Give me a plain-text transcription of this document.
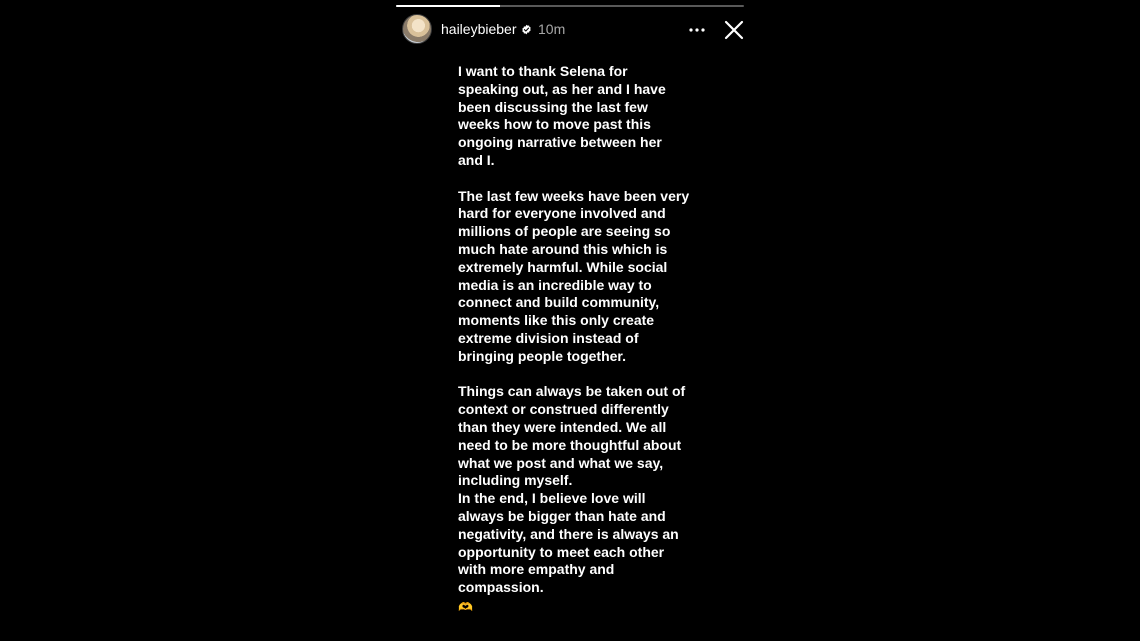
haileybieber 10m

I want to thank Selena for
speaking out, as her and I have
been discussing the last few
weeks how to move past this
ongoing narrative between her
and I.

The last few weeks have been very
hard for everyone involved and
millions of people are seeing so
much hate around this which is
extremely harmful. While social
media is an incredible way to
connect and build community,
moments like this only create
extreme division instead of
bringing people together.

Things can always be taken out of
context or construed differently
than they were intended. We all
need to be more thoughtful about
what we post and what we say,
including myself.
In the end, I believe love will
always be bigger than hate and
negativity, and there is always an
opportunity to meet each other
with more empathy and
compassion.

🫶
